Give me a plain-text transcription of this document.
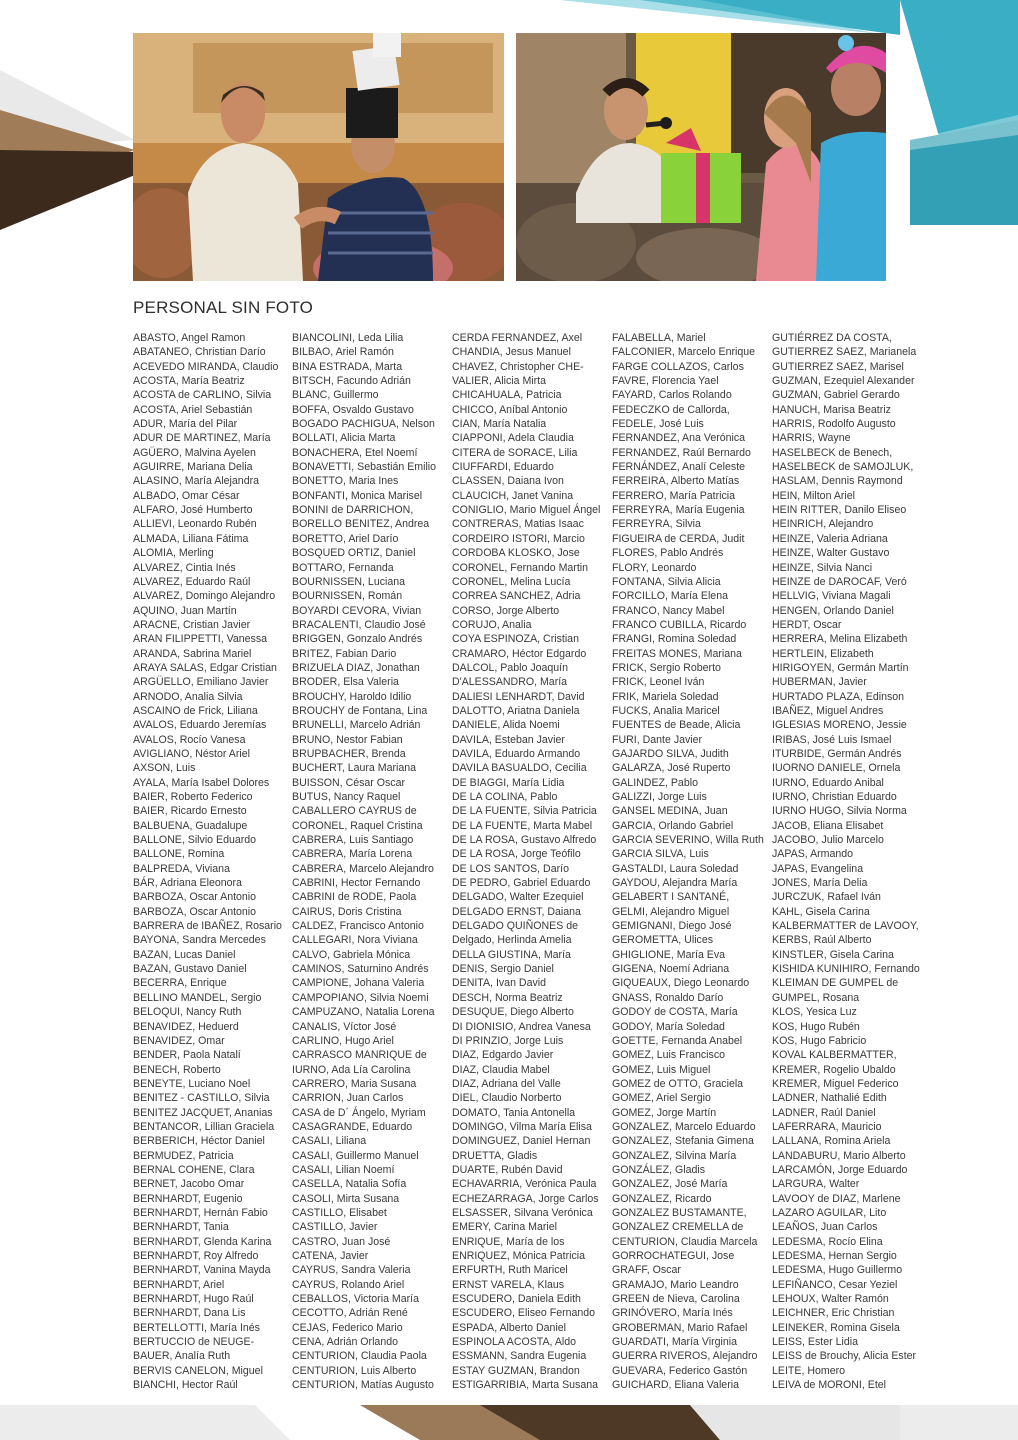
PERSONAL SIN FOTO
ABASTO, Angel Ramon
ABATANEO, Christian Darío
ACEVEDO MIRANDA, Claudio
ACOSTA, María Beatriz
ACOSTA de CARLINO, Silvia
ACOSTA, Ariel Sebastián
ADUR, María del Pilar
ADUR DE MARTINEZ, María
AGÜERO, Malvina Ayelen
AGUIRRE, Mariana Delia
ALASINO, María Alejandra
ALBADO, Omar César
ALFARO, José Humberto
ALLIEVI, Leonardo Rubén
ALMADA, Liliana Fátima
ALOMIA, Merling
ALVAREZ, Cintia Inés
ALVAREZ, Eduardo Raúl
ALVAREZ, Domingo Alejandro
AQUINO, Juan Martín
ARACNE, Cristian Javier
ARAN FILIPPETTI, Vanessa
ARANDA, Sabrina Mariel
ARAYA SALAS, Edgar Cristian
ARGÜELLO, Emiliano Javier
ARNODO, Analia Silvia
ASCAINO de Frick, Liliana
AVALOS, Eduardo Jeremías
AVALOS, Rocío Vanesa
AVIGLIANO, Néstor Ariel
AXSON, Luis
AYALA, María Isabel Dolores
BAIER, Roberto Federico
BAIER, Ricardo Ernesto
BALBUENA, Guadalupe
BALLONE, Silvio Eduardo
BALLONE, Romina
BALPREDA, Viviana
BÁR, Adriana Eleonora
BARBOZA, Oscar Antonio
BARBOZA, Oscar Antonio
BARRERA de IBAÑEZ, Rosario
BAYONA, Sandra Mercedes
BAZAN, Lucas Daniel
BAZAN, Gustavo Daniel
BECERRA, Enrique
BELLINO MANDEL, Sergio
BELOQUI, Nancy Ruth
BENAVIDEZ, Heduerd
BENAVIDEZ, Omar
BENDER, Paola Natalí
BENECH, Roberto
BENEYTE, Luciano Noel
BENITEZ - CASTILLO, Silvia
BENITEZ JACQUET, Ananias
BENTANCOR, Lillian Graciela
BERBERICH, Héctor Daniel
BERMUDEZ, Patricia
BERNAL COHENE, Clara
BERNET, Jacobo Omar
BERNHARDT, Eugenio
BERNHARDT, Hernán Fabio
BERNHARDT, Tania
BERNHARDT, Glenda Karina
BERNHARDT, Roy Alfredo
BERNHARDT, Vanina Mayda
BERNHARDT, Ariel
BERNHARDT, Hugo Raúl
BERNHARDT, Dana Lis
BERTELLOTTI, María Inés
BERTUCCIO de NEUGE-
BAUER, Analía Ruth
BERVIS CANELON, Miguel
BIANCHI, Hector Raúl
BIANCOLINI, Leda Lilia
BILBAO, Ariel Ramón
BINA ESTRADA, Marta
BITSCH, Facundo Adrián
BLANC, Guillermo
BOFFA, Osvaldo Gustavo
BOGADO PACHIGUA, Nelson
BOLLATI, Alicia Marta
BONACHERA, Etel Noemí
BONAVETTI, Sebastián Emilio
BONETTO, Maria Ines
BONFANTI, Monica Marisel
BONINI de DARRICHON,
BORELLO BENITEZ, Andrea
BORETTO, Ariel Darío
BOSQUED ORTIZ, Daniel
BOTTARO, Fernanda
BOURNISSEN, Luciana
BOURNISSEN, Román
BOYARDI CEVORA, Vivian
BRACALENTI, Claudio José
BRIGGEN, Gonzalo Andrés
BRITEZ, Fabian Dario
BRIZUELA DIAZ, Jonathan
BRODER, Elsa Valeria
BROUCHY, Haroldo Idilio
BROUCHY de Fontana, Lina
BRUNELLI, Marcelo Adrián
BRUNO, Nestor Fabian
BRUPBACHER, Brenda
BUCHERT, Laura Mariana
BUISSON, César Oscar
BUTUS, Nancy Raquel
CABALLERO CAYRUS de
CORONEL, Raquel Cristina
CABRERA, Luis Santiago
CABRERA, María Lorena
CABRERA, Marcelo Alejandro
CABRINI, Hector Fernando
CABRINI de RODE, Paola
CAIRUS, Doris Cristina
CALDEZ, Francisco Antonio
CALLEGARI, Nora Viviana
CALVO, Gabriela Mónica
CAMINOS, Saturnino Andrés
CAMPIONE, Johana Valeria
CAMPOPIANO, Silvia Noemi
CAMPUZANO, Natalia Lorena
CANALIS, Víctor José
CARLINO, Hugo Ariel
CARRASCO MANRIQUE de
IURNO, Ada Lía Carolina
CARRERO, Maria Susana
CARRION, Juan Carlos
CASA de D´ Ángelo, Myriam
CASAGRANDE, Eduardo
CASALI, Liliana
CASALI, Guillermo Manuel
CASALI, Lilian Noemí
CASELLA, Natalia Sofía
CASOLI, Mirta Susana
CASTILLO, Elisabet
CASTILLO, Javier
CASTRO, Juan José
CATENA, Javier
CAYRUS, Sandra Valeria
CAYRUS, Rolando Ariel
CEBALLOS, Victoria María
CECOTTO, Adrián René
CEJAS, Federico Mario
CENA, Adrián Orlando
CENTURION, Claudia Paola
CENTURION, Luis Alberto
CENTURION, Matías Augusto
CERDA FERNANDEZ, Axel
CHANDIA, Jesus Manuel
CHAVEZ, Christopher CHE-
VALIER, Alicia Mirta
CHICAHUALA, Patricia
CHICCO, Aníbal Antonio
CIAN, María Natalia
CIAPPONI, Adela Claudia
CITERA de SORACE, Lilia
CIUFFARDI, Eduardo
CLASSEN, Daiana Ivon
CLAUCICH, Janet Vanina
CONIGLIO, Mario Miguel Ángel
CONTRERAS, Matias Isaac
CORDEIRO ISTORI, Marcio
CORDOBA KLOSKO, Jose
CORONEL, Fernando Martin
CORONEL, Melina Lucía
CORREA SANCHEZ, Adria
CORSO, Jorge Alberto
CORUJO, Analia
COYA ESPINOZA, Cristian
CRAMARO, Héctor Edgardo
DALCOL, Pablo Joaquín
D'ALESSANDRO, María
DALIESI LENHARDT, David
DALOTTO, Ariatna Daniela
DANIELE, Alida Noemi
DAVILA, Esteban Javier
DAVILA, Eduardo Armando
DAVILA BASUALDO, Cecilia
DE BIAGGI, María Lidia
DE LA COLINA, Pablo
DE LA FUENTE, Silvia Patricia
DE LA FUENTE, Marta Mabel
DE LA ROSA, Gustavo Alfredo
DE LA ROSA, Jorge Teófilo
DE LOS SANTOS, Darío
DE PEDRO, Gabriel Eduardo
DELGADO, Walter Ezequiel
DELGADO ERNST, Daiana
DELGADO QUIÑONES de
Delgado, Herlinda Amelia
DELLA GIUSTINA, María
DENIS, Sergio Daniel
DENITA, Ivan David
DESCH, Norma Beatriz
DESUQUE, Diego Alberto
DI DIONISIO, Andrea Vanesa
DI PRINZIO, Jorge Luis
DIAZ, Edgardo Javier
DIAZ, Claudia Mabel
DIAZ, Adriana del Valle
DIEL, Claudio Norberto
DOMATO, Tania Antonella
DOMINGO, Vilma María Elisa
DOMINGUEZ, Daniel Hernan
DRUETTA, Gladis
DUARTE, Rubén David
ECHAVARRIA, Verónica Paula
ECHEZARRAGA, Jorge Carlos
ELSASSER, Silvana Verónica
EMERY, Carina Mariel
ENRIQUE, María de los
ENRIQUEZ, Mónica Patricia
ERFURTH, Ruth Maricel
ERNST VARELA, Klaus
ESCUDERO, Daniela Edith
ESCUDERO, Eliseo Fernando
ESPADA, Alberto Daniel
ESPINOLA ACOSTA, Aldo
ESSMANN, Sandra Eugenia
ESTAY GUZMAN, Brandon
ESTIGARRIBIA, Marta Susana
FALABELLA, Mariel
FALCONIER, Marcelo Enrique
FARGE COLLAZOS, Carlos
FAVRE, Florencia Yael
FAYARD, Carlos Rolando
FEDECZKO de Callorda,
FEDELE, José Luis
FERNANDEZ, Ana Verónica
FERNANDEZ, Raúl Bernardo
FERNÁNDEZ, Analí Celeste
FERREIRA, Alberto Matías
FERRERO, María Patricia
FERREYRA, María Eugenia
FERREYRA, Silvia
FIGUEIRA de CERDA, Judit
FLORES, Pablo Andrés
FLORY, Leonardo
FONTANA, Silvia Alicia
FORCILLO, María Elena
FRANCO, Nancy Mabel
FRANCO CUBILLA, Ricardo
FRANGI, Romina Soledad
FREITAS MONES, Mariana
FRICK, Sergio Roberto
FRICK, Leonel Iván
FRIK, Mariela Soledad
FUCKS, Analia Maricel
FUENTES de Beade, Alicia
FURI, Dante Javier
GAJARDO SILVA, Judith
GALARZA, José Ruperto
GALINDEZ, Pablo
GALIZZI, Jorge Luis
GANSEL MEDINA, Juan
GARCIA, Orlando Gabriel
GARCIA SEVERINO, Willa Ruth
GARCIA SILVA, Luis
GASTALDI, Laura Soledad
GAYDOU, Alejandra María
GELABERT I SANTANÉ,
GELMI, Alejandro Miguel
GEMIGNANI, Diego José
GEROMETTA, Ulices
GHIGLIONE, María Eva
GIGENA, Noemí Adriana
GIQUEAUX, Diego Leonardo
GNASS, Ronaldo Darío
GODOY de COSTA, María
GODOY, María Soledad
GOETTE, Fernanda Anabel
GOMEZ, Luis Francisco
GOMEZ, Luis Miguel
GOMEZ de OTTO, Graciela
GOMEZ, Ariel Sergio
GOMEZ, Jorge Martín
GONZALEZ, Marcelo Eduardo
GONZALEZ, Stefania Gimena
GONZALEZ, Silvina María
GONZÁLEZ, Gladis
GONZALEZ, José María
GONZALEZ, Ricardo
GONZALEZ BUSTAMANTE,
GONZALEZ CREMELLA de
CENTURION, Claudia Marcela
GORROCHATEGUI, Jose
GRAFF, Oscar
GRAMAJO, Mario Leandro
GREEN de Nieva, Carolina
GRINÓVERO, María Inés
GROBERMAN, Mario Rafael
GUARDATI, María Virginia
GUERRA RIVEROS, Alejandro
GUEVARA, Federico Gastón
GUICHARD, Eliana Valeria
GUTIÉRREZ DA COSTA,
GUTIERREZ SAEZ, Marianela
GUTIERREZ SAEZ, Marisel
GUZMAN, Ezequiel Alexander
GUZMAN, Gabriel Gerardo
HANUCH, Marisa Beatriz
HARRIS, Rodolfo Augusto
HARRIS, Wayne
HASELBECK de Benech,
HASELBECK de SAMOJLUK,
HASLAM, Dennis Raymond
HEIN, Milton Ariel
HEIN RITTER, Danilo Eliseo
HEINRICH, Alejandro
HEINZE, Valeria Adriana
HEINZE, Walter Gustavo
HEINZE, Silvia Nanci
HEINZE de DAROCAF, Veró
HELLVIG, Viviana Magali
HENGEN, Orlando Daniel
HERDT, Oscar
HERRERA, Melina Elizabeth
HERTLEIN, Elizabeth
HIRIGOYEN, Germán Martín
HUBERMAN, Javier
HURTADO PLAZA, Edinson
IBAÑEZ, Miguel Andres
IGLESIAS MORENO, Jessie
IRIBAS, José Luis Ismael
ITURBIDE, Germán Andrés
IUORNO DANIELE, Ornela
IURNO, Eduardo Anibal
IURNO, Christian Eduardo
IURNO HUGO, Silvia Norma
JACOB, Eliana Elisabet
JACOBO, Julio Marcelo
JAPAS, Armando
JAPAS, Evangelina
JONES, María Delia
JURCZUK, Rafael Iván
KAHL, Gisela Carina
KALBERMATTER de LAVOOY,
KERBS, Raúl Alberto
KINSTLER, Gisela Carina
KISHIDA KUNIHIRO, Fernando
KLEIMAN DE GUMPEL de
GUMPEL, Rosana
KLOS, Yesica Luz
KOS, Hugo Rubén
KOS, Hugo Fabricio
KOVAL KALBERMATTER,
KREMER, Rogelio Ubaldo
KREMER, Miguel Federico
LADNER, Nathalié Edith
LADNER, Raúl Daniel
LAFERRARA, Mauricio
LALLANA, Romina Ariela
LANDABURU, Mario Alberto
LARCAMÓN, Jorge Eduardo
LARGURA, Walter
LAVOOY de DIAZ, Marlene
LAZARO AGUILAR, Lito
LEAÑOS, Juan Carlos
LEDESMA, Rocío Elina
LEDESMA, Hernan Sergio
LEDESMA, Hugo Guillermo
LEFIÑANCO, Cesar Yeziel
LEHOUX, Walter Ramón
LEICHNER, Eric Christian
LEINEKER, Romina Gisela
LEISS, Ester Lidia
LEISS de Brouchy, Alicia Ester
LEITE, Homero
LEIVA de MORONI, Etel
